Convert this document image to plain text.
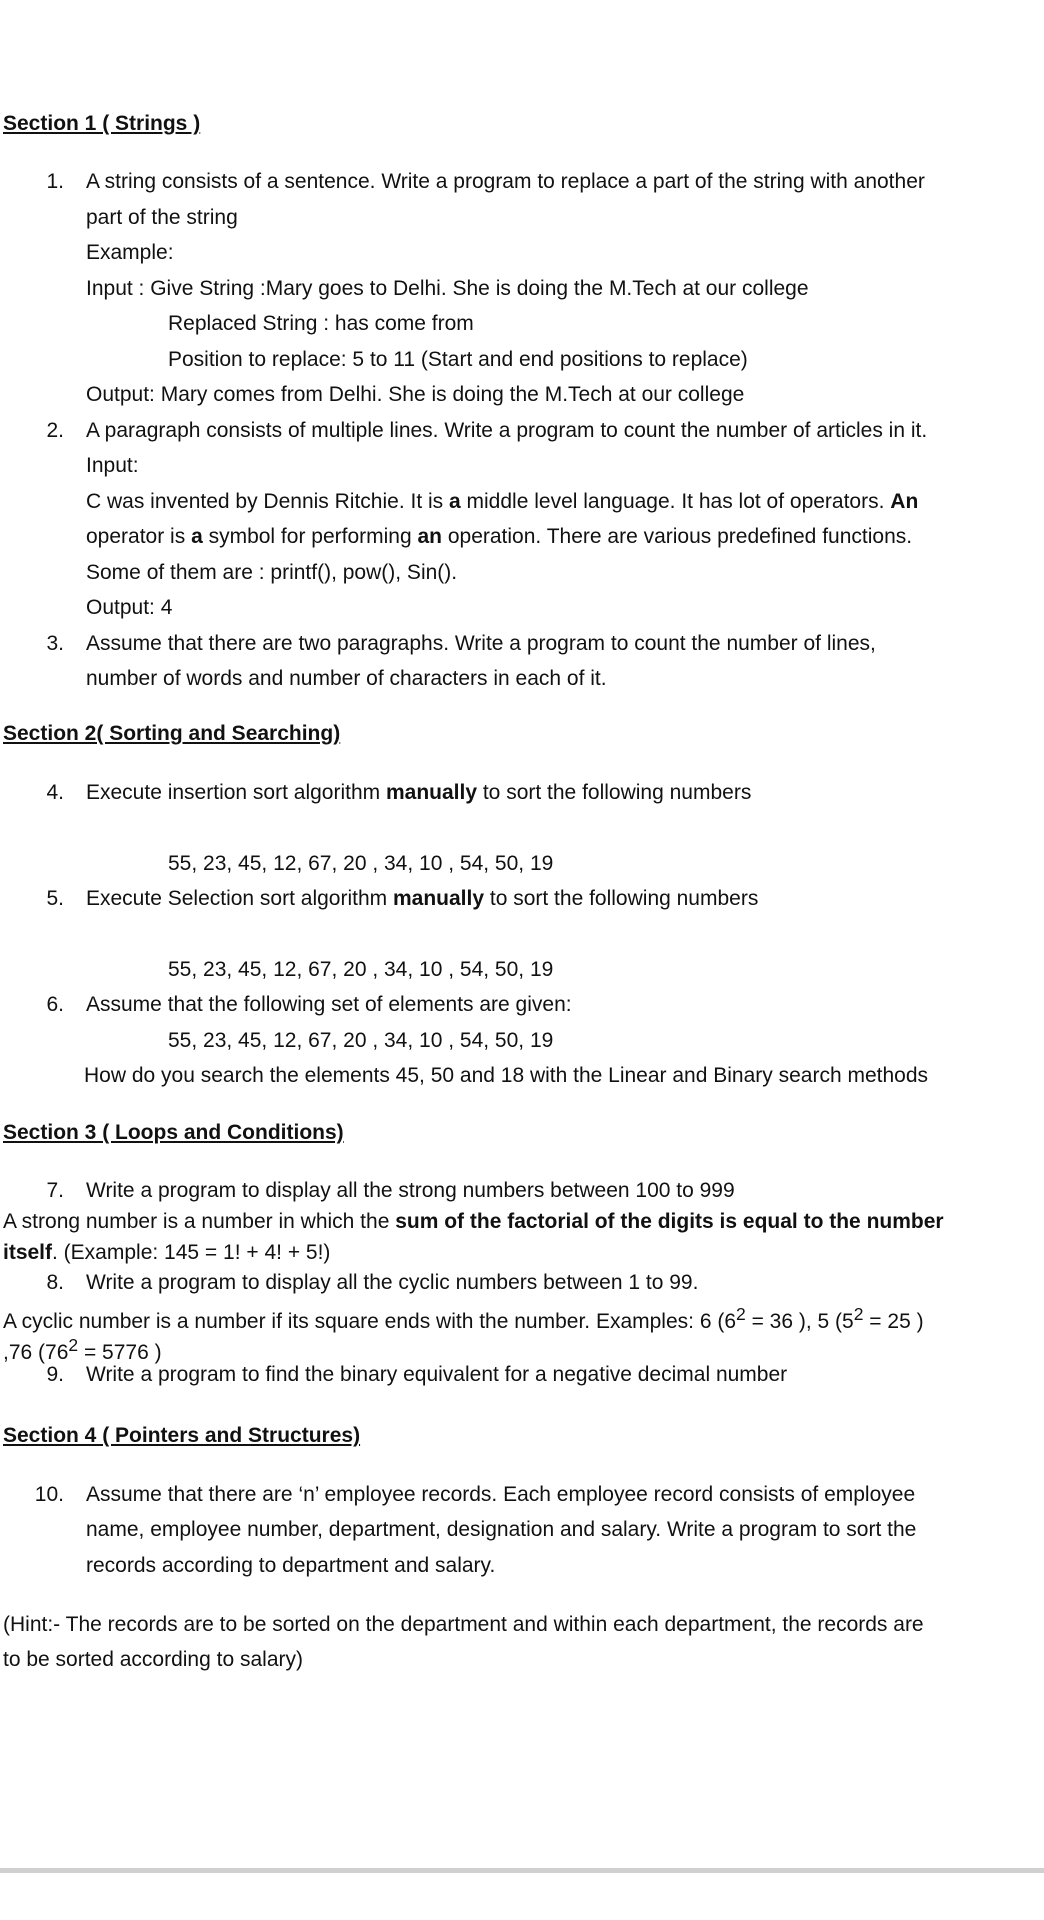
Section 1 ( Strings )
1. A string consists of a sentence. Write a program to replace a part of the string with another
part of the string
Example:
Input : Give String :Mary goes to Delhi. She is doing the M.Tech at our college
Replaced String : has come from
Position to replace: 5 to 11 (Start and end positions to replace)
Output: Mary comes from Delhi. She is doing the M.Tech at our college
2. A paragraph consists of multiple lines. Write a program to count the number of articles in it.
Input:
C was invented by Dennis Ritchie. It is a middle level language. It has lot of operators. An
operator is a symbol for performing an operation. There are various predefined functions.
Some of them are : printf(), pow(), Sin().
Output: 4
3. Assume that there are two paragraphs. Write a program to count the number of lines,
number of words and number of characters in each of it.
Section 2( Sorting and Searching)
4. Execute insertion sort algorithm manually to sort the following numbers
55, 23, 45, 12, 67, 20 , 34, 10 , 54, 50, 19
5. Execute Selection sort algorithm manually to sort the following numbers
55, 23, 45, 12, 67, 20 , 34, 10 , 54, 50, 19
6. Assume that the following set of elements are given:
55, 23, 45, 12, 67, 20 , 34, 10 , 54, 50, 19
How do you search the elements 45, 50 and 18 with the Linear and Binary search methods
Section 3 ( Loops and Conditions)
7. Write a program to display all the strong numbers between 100 to 999
A strong number is a number in which the sum of the factorial of the digits is equal to the number
itself. (Example: 145 = 1! + 4! + 5!)
8. Write a program to display all the cyclic numbers between 1 to 99.
A cyclic number is a number if its square ends with the number. Examples: 6 ($6^2 = 36$ ), 5 ($5^2 = 25$ )
,76 ($76^2 = 5776$ )
9. Write a program to find the binary equivalent for a negative decimal number
Section 4 ( Pointers and Structures)
10. Assume that there are ‘n’ employee records. Each employee record consists of employee
name, employee number, department, designation and salary. Write a program to sort the
records according to department and salary.
(Hint:- The records are to be sorted on the department and within each department, the records are
to be sorted according to salary)
